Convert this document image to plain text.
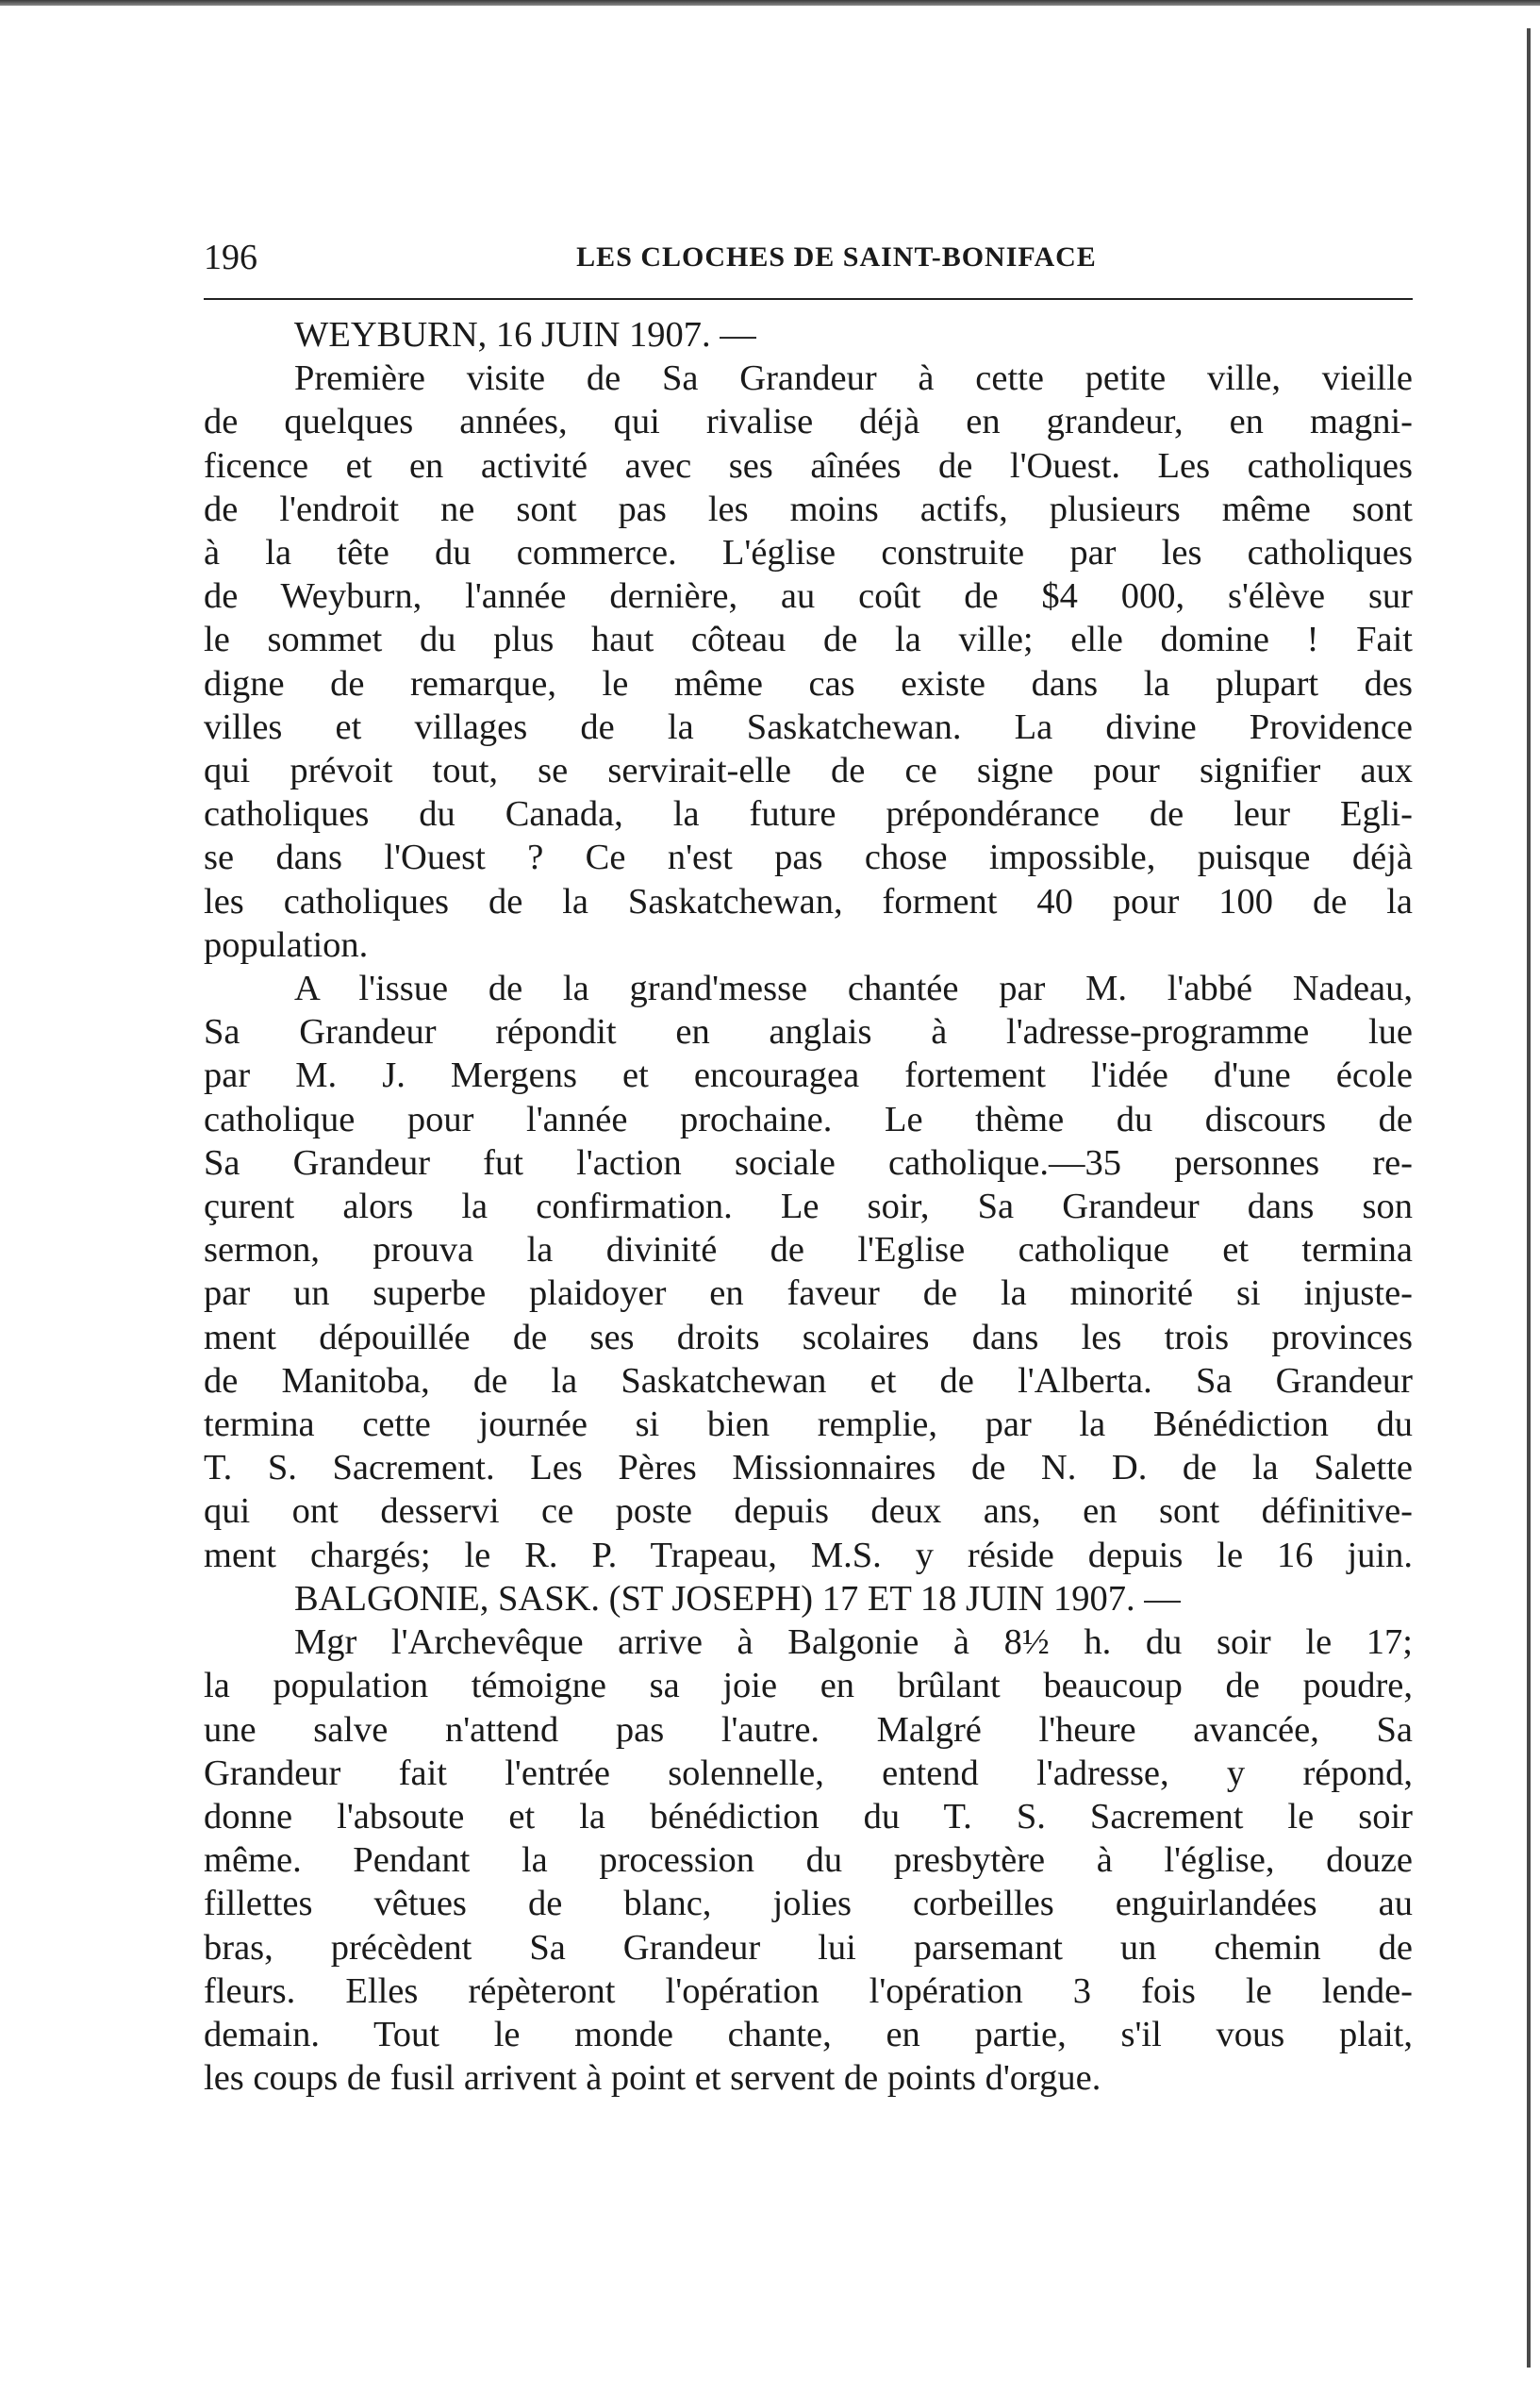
196	LES CLOCHES DE SAINT-BONIFACE
WEYBURN, 16 JUIN 1907. —
Première visite de Sa Grandeur à cette petite ville, vieille
de quelques années, qui rivalise déjà en grandeur, en magni-
ficence et en activité avec ses aînées de l'Ouest. Les catholiques
de l'endroit ne sont pas les moins actifs, plusieurs même sont
à la tête du commerce. L'église construite par les catholiques
de Weyburn, l'année dernière, au coût de $4 000, s'élève sur
le sommet du plus haut côteau de la ville; elle domine ! Fait
digne de remarque, le même cas existe dans la plupart des
villes et villages de la Saskatchewan. La divine Providence
qui prévoit tout, se servirait-elle de ce signe pour signifier aux
catholiques du Canada, la future prépondérance de leur Egli-
se dans l'Ouest ? Ce n'est pas chose impossible, puisque déjà
les catholiques de la Saskatchewan, forment 40 pour 100 de la
population.
A l'issue de la grand'messe chantée par M. l'abbé Nadeau,
Sa Grandeur répondit en anglais à l'adresse-programme lue
par M. J. Mergens et encouragea fortement l'idée d'une école
catholique pour l'année prochaine. Le thème du discours de
Sa Grandeur fut l'action sociale catholique.—35 personnes re-
çurent alors la confirmation. Le soir, Sa Grandeur dans son
sermon, prouva la divinité de l'Eglise catholique et termina
par un superbe plaidoyer en faveur de la minorité si injuste-
ment dépouillée de ses droits scolaires dans les trois provinces
de Manitoba, de la Saskatchewan et de l'Alberta. Sa Grandeur
termina cette journée si bien remplie, par la Bénédiction du
T. S. Sacrement. Les Pères Missionnaires de N. D. de la Salette
qui ont desservi ce poste depuis deux ans, en sont définitive-
ment chargés; le R. P. Trapeau, M.S. y réside depuis le 16 juin.
BALGONIE, SASK. (ST JOSEPH) 17 ET 18 JUIN 1907. —
Mgr l'Archevêque arrive à Balgonie à 8½ h. du soir le 17;
la population témoigne sa joie en brûlant beaucoup de poudre,
une salve n'attend pas l'autre. Malgré l'heure avancée, Sa
Grandeur fait l'entrée solennelle, entend l'adresse, y répond,
donne l'absoute et la bénédiction du T. S. Sacrement le soir
même. Pendant la procession du presbytère à l'église, douze
fillettes vêtues de blanc, jolies corbeilles enguirlandées au
bras, précèdent Sa Grandeur lui parsemant un chemin de
fleurs. Elles répèteront l'opération l'opération 3 fois le lende-
demain. Tout le monde chante, en partie, s'il vous plait,
les coups de fusil arrivent à point et servent de points d'orgue.
